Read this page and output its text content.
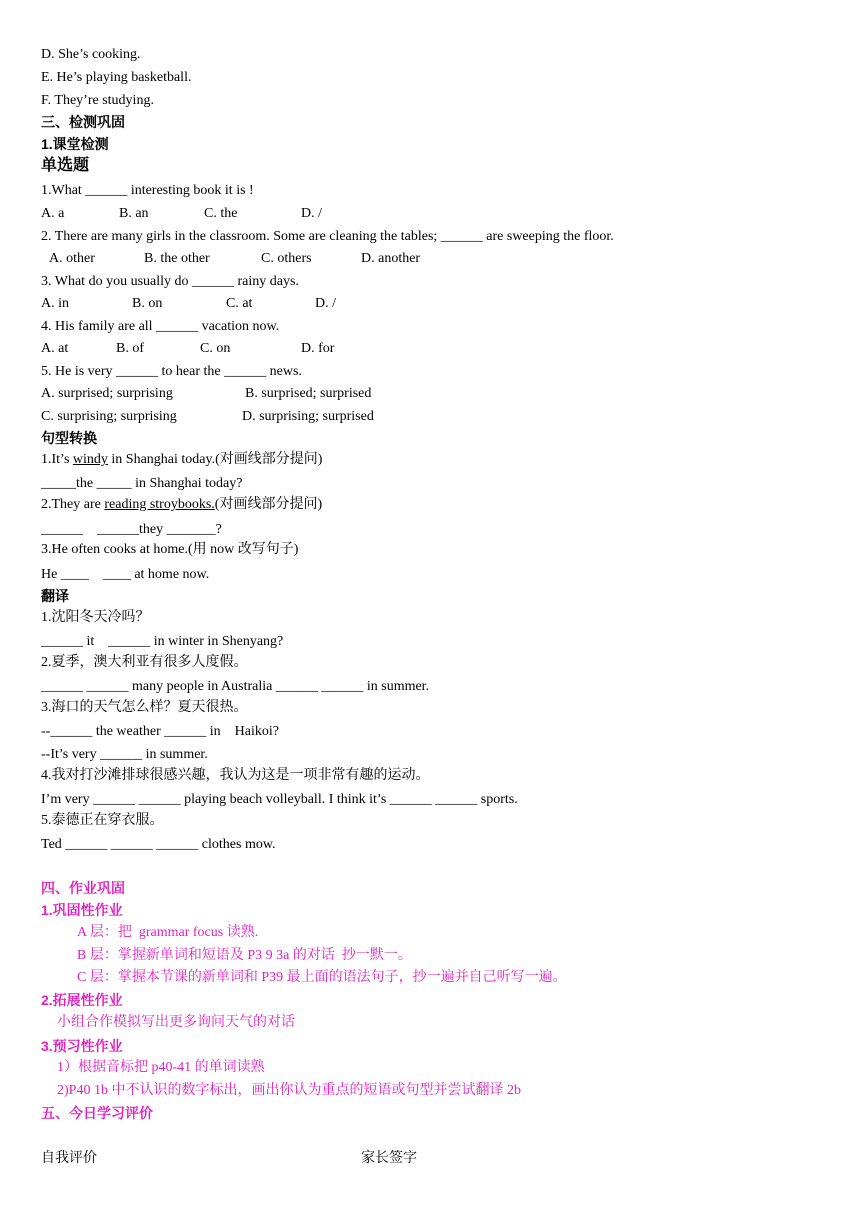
D. She’s cooking.
E. He’s playing basketball.
F. They’re studying.
三、检测巩固
1.课堂检测
单选题
1.What ______ interesting book it is !
A. a	B. an	C. the	D. /
2. There are many girls in the classroom. Some are cleaning the tables; ______ are sweeping the floor.
A. other	B. the other	C. others	D. another
3. What do you usually do ______ rainy days.
A. in	B. on	C. at	D. /
4. His family are all ______ vacation now.
A. at	B. of	C. on	D. for
5. He is very ______ to hear the ______ news.
A. surprised; surprising	B. surprised; surprised
C. surprising; surprising	D. surprising; surprised
句型转换
1.It’s windy in Shanghai today.(对画线部分提问)
_____the _____ in Shanghai today?
2.They are reading stroybooks.(对画线部分提问)
______    ______they _______?
3.He often cooks at home.(用 now 改写句子)
He ____    ____ at home now.
翻译
1.沈阳冬天冷吗？
______ it    ______ in winter in Shenyang?
2.夏季，澳大利亚有很多人度假。
______ ______ many people in Australia ______ ______ in summer.
3.海口的天气怎么样？夏天很热。
--______ the weather ______ in    Haikoi?
--It’s very ______ in summer.
4.我对打沙滩排球很感兴趣，我认为这是一项非常有趣的运动。
I’m very ______ ______ playing beach volleyball. I think it’s ______ ______ sports.
5.泰德正在穿衣服。
Ted ______ ______ ______ clothes mow.
四、作业巩固
1.巩固性作业
A 层：把  grammar focus 读熟.
B 层：掌握新单词和短语及 P3 9 3a 的对话  抄一默一。
C 层：掌握本节课的新单词和 P39 最上面的语法句子，抄一遍并自己听写一遍。
2.拓展性作业
小组合作模拟写出更多询问天气的对话
3.预习性作业
1）根据音标把 p40-41 的单词读熟
2)P40 1b 中不认识的数字标出，画出你认为重点的短语或句型并尝试翻译 2b
五、今日学习评价
自我评价	家长签字
